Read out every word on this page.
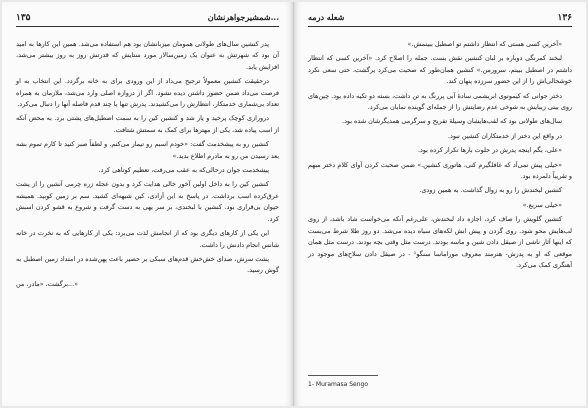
۱۳۵	شمشیرجواهرنشان...

پدر کنشین سال‌های طولانی همومان میزبانشان بود هم استفاده می‌شد. همین این کارها به امید آن بود که شهرتش به عنوان یک زمین‌سالار مورد ستایش که قدرتش روز به روز بیشتر می‌شد، افزایش یابد.

درحقیقت کنشین معمولاً ترجیح می‌داد از این ورودی برای به خانه برگردد. این انتخاب به او فرصت می‌داد ضمن حضور داشتن دیده نشود. اگر از دروازه اصلی وارد می‌شد، ملازمان به همراه تعداد بی‌شماری خدمتکار، انتظارش را می‌کشیدند. پدرش تنها یا چند قدم فاصله آنها را دنبال می‌کرد.

درورازی کوچک پرخید و یار شد و کنشین کین را به سمت اصطبل‌های پشتی برد. به محض آنکه از اسب پیاده شد، یکی از مهترها برای کمک به سمتش شتافت.

کنشین رو به پیشخدمت گفت: «خودم اسبم رو تیمار می‌کنم. و لطفاً صبر کنید تا کارم تموم بشه بعد رسیدن من رو به مادرم اطلاع بدید.»

پیشخدمت جوان درحالی‌که به عقب می‌رفت، تعظیم کوتاهی کرد.

کنشین کین را به داخل اولین آخور خالی هدایت کرد و بدون عجله زره چرمی آنشین را از پشت عرق‌کرده اسب برداشت. در پاسخ به این آزادی، کین شیهه‌ای کشید. سم بر زمین کوبید. همیشه حیوان بی‌قراری بود. کنشین با لبخندی، بر سر یهی به دست گرفت و شروع به قشو کردن اسبش کرد.

این یکی از کارهای دیگری بود که از انجامش لذت می‌برد: یکی از کارهایی که به نخرت در خانه شانس انجام دادنش را داشت.

پشت سرش، صدای خش‌خش قدم‌های سبکی بر حصیر باعث پهن‌شده در امتداد زمین اصطبل به گوش رسید.

برگشت، «مادر، من...»
شعله درمه	۱۳۶

«آخرین کسی هستی که انتظار داشتم تو اصطبل ببینمش.»

لبخند کمرنگی دوباره بر لبان کنشین نقش بست. جمله را اصلاح کرد. «آخرین کسی که انتظار داشتم در اصطبل ببینم، سرورمن.» کنشین همان‌طور که صحبت می‌کرد برگشت، حتی سعی نکرد خوشحالی‌اش را از این حضور سرزده پنهان کند.

دختر جوانی که کیمونوی ابریشمی سادهٔ آبی پررنگ به تن داشت، بسته دو تکیه داده بود. چین‌های روی بینی زیبایش به شوخی عدم رضایتش را از جمله‌ای گوینده نمایان می‌کرد.

سال‌های طولانی بود که لفب‌هایشان وسیلهٔ تفریح و سرگرمی همدیگرشان شده بود.

در واقع این دختر از خدمتکاران کنشین نبود.

«علی، بگم اینجه پدرش در حلوت بارها تکرار کرده بود.

«خیلی پیش نمی‌آد که غافلگیرم کنی، هاتوری کنشین.» ضمن صحبت کردن آوای کلام دختر مبهم و تقریباً دلمرده بود.

کنشین لبخندش را رو به زوال گذاشت. به همین زودی.

«خیلی سریع.»

کنشین گلویش را صاف کرد، اجازه داد لبخندش، علی‌رغم آنکه می‌خواست شاد باشد، از روی لب‌هایش محو شود. روی گردن و پیش‌ انش لکه‌های سیاه دیده می‌شد. دو روز طلا شرط می‌بست که اینها آثار ناشی از صیقل دادن شین و ماسه بودند. درست مثل وقتی بچه بودند. درست مثل همان موقعی که او به پدرش- هنرمند معروف موراماسا سنگو¹ - در صیقل دادن سلاح‌های موجود در آهنگری کمک می‌کرد.

1- Muramasa Sengo
